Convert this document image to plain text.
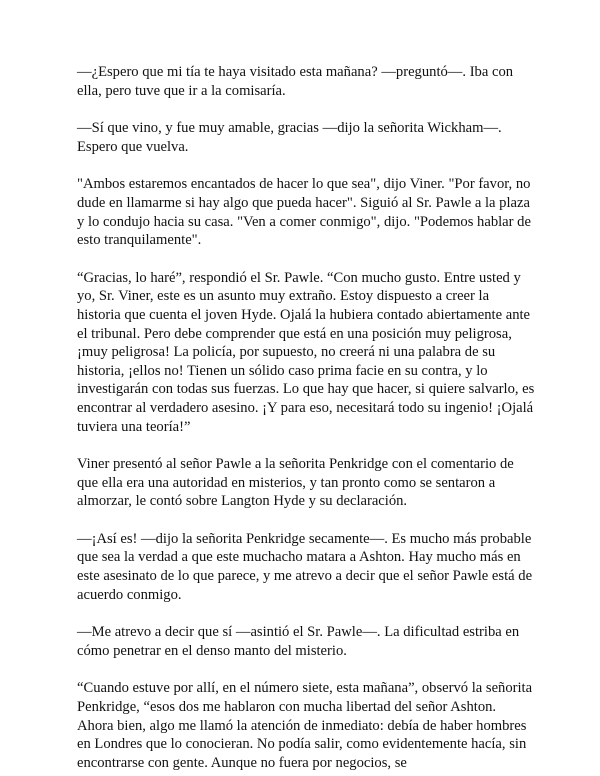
—¿Espero que mi tía te haya visitado esta mañana? —preguntó—. Iba con ella, pero tuve que ir a la comisaría.

—Sí que vino, y fue muy amable, gracias —dijo la señorita Wickham—. Espero que vuelva.

"Ambos estaremos encantados de hacer lo que sea", dijo Viner. "Por favor, no dude en llamarme si hay algo que pueda hacer". Siguió al Sr. Pawle a la plaza y lo condujo hacia su casa. "Ven a comer conmigo", dijo. "Podemos hablar de esto tranquilamente".

“Gracias, lo haré”, respondió el Sr. Pawle. “Con mucho gusto. Entre usted y yo, Sr. Viner, este es un asunto muy extraño. Estoy dispuesto a creer la historia que cuenta el joven Hyde. Ojalá la hubiera contado abiertamente ante el tribunal. Pero debe comprender que está en una posición muy peligrosa, ¡muy peligrosa! La policía, por supuesto, no creerá ni una palabra de su historia, ¡ellos no! Tienen un sólido caso prima facie en su contra, y lo investigarán con todas sus fuerzas. Lo que hay que hacer, si quiere salvarlo, es encontrar al verdadero asesino. ¡Y para eso, necesitará todo su ingenio! ¡Ojalá tuviera una teoría!”

Viner presentó al señor Pawle a la señorita Penkridge con el comentario de que ella era una autoridad en misterios, y tan pronto como se sentaron a almorzar, le contó sobre Langton Hyde y su declaración.

—¡Así es! —dijo la señorita Penkridge secamente—. Es mucho más probable que sea la verdad a que este muchacho matara a Ashton. Hay mucho más en este asesinato de lo que parece, y me atrevo a decir que el señor Pawle está de acuerdo conmigo.

—Me atrevo a decir que sí —asintió el Sr. Pawle—. La dificultad estriba en cómo penetrar en el denso manto del misterio.

“Cuando estuve por allí, en el número siete, esta mañana”, observó la señorita Penkridge, “esos dos me hablaron con mucha libertad del señor Ashton. Ahora bien, algo me llamó la atención de inmediato: debía de haber hombres en Londres que lo conocieran. No podía salir, como evidentemente hacía, sin encontrarse con gente. Aunque no fuera por negocios, se
